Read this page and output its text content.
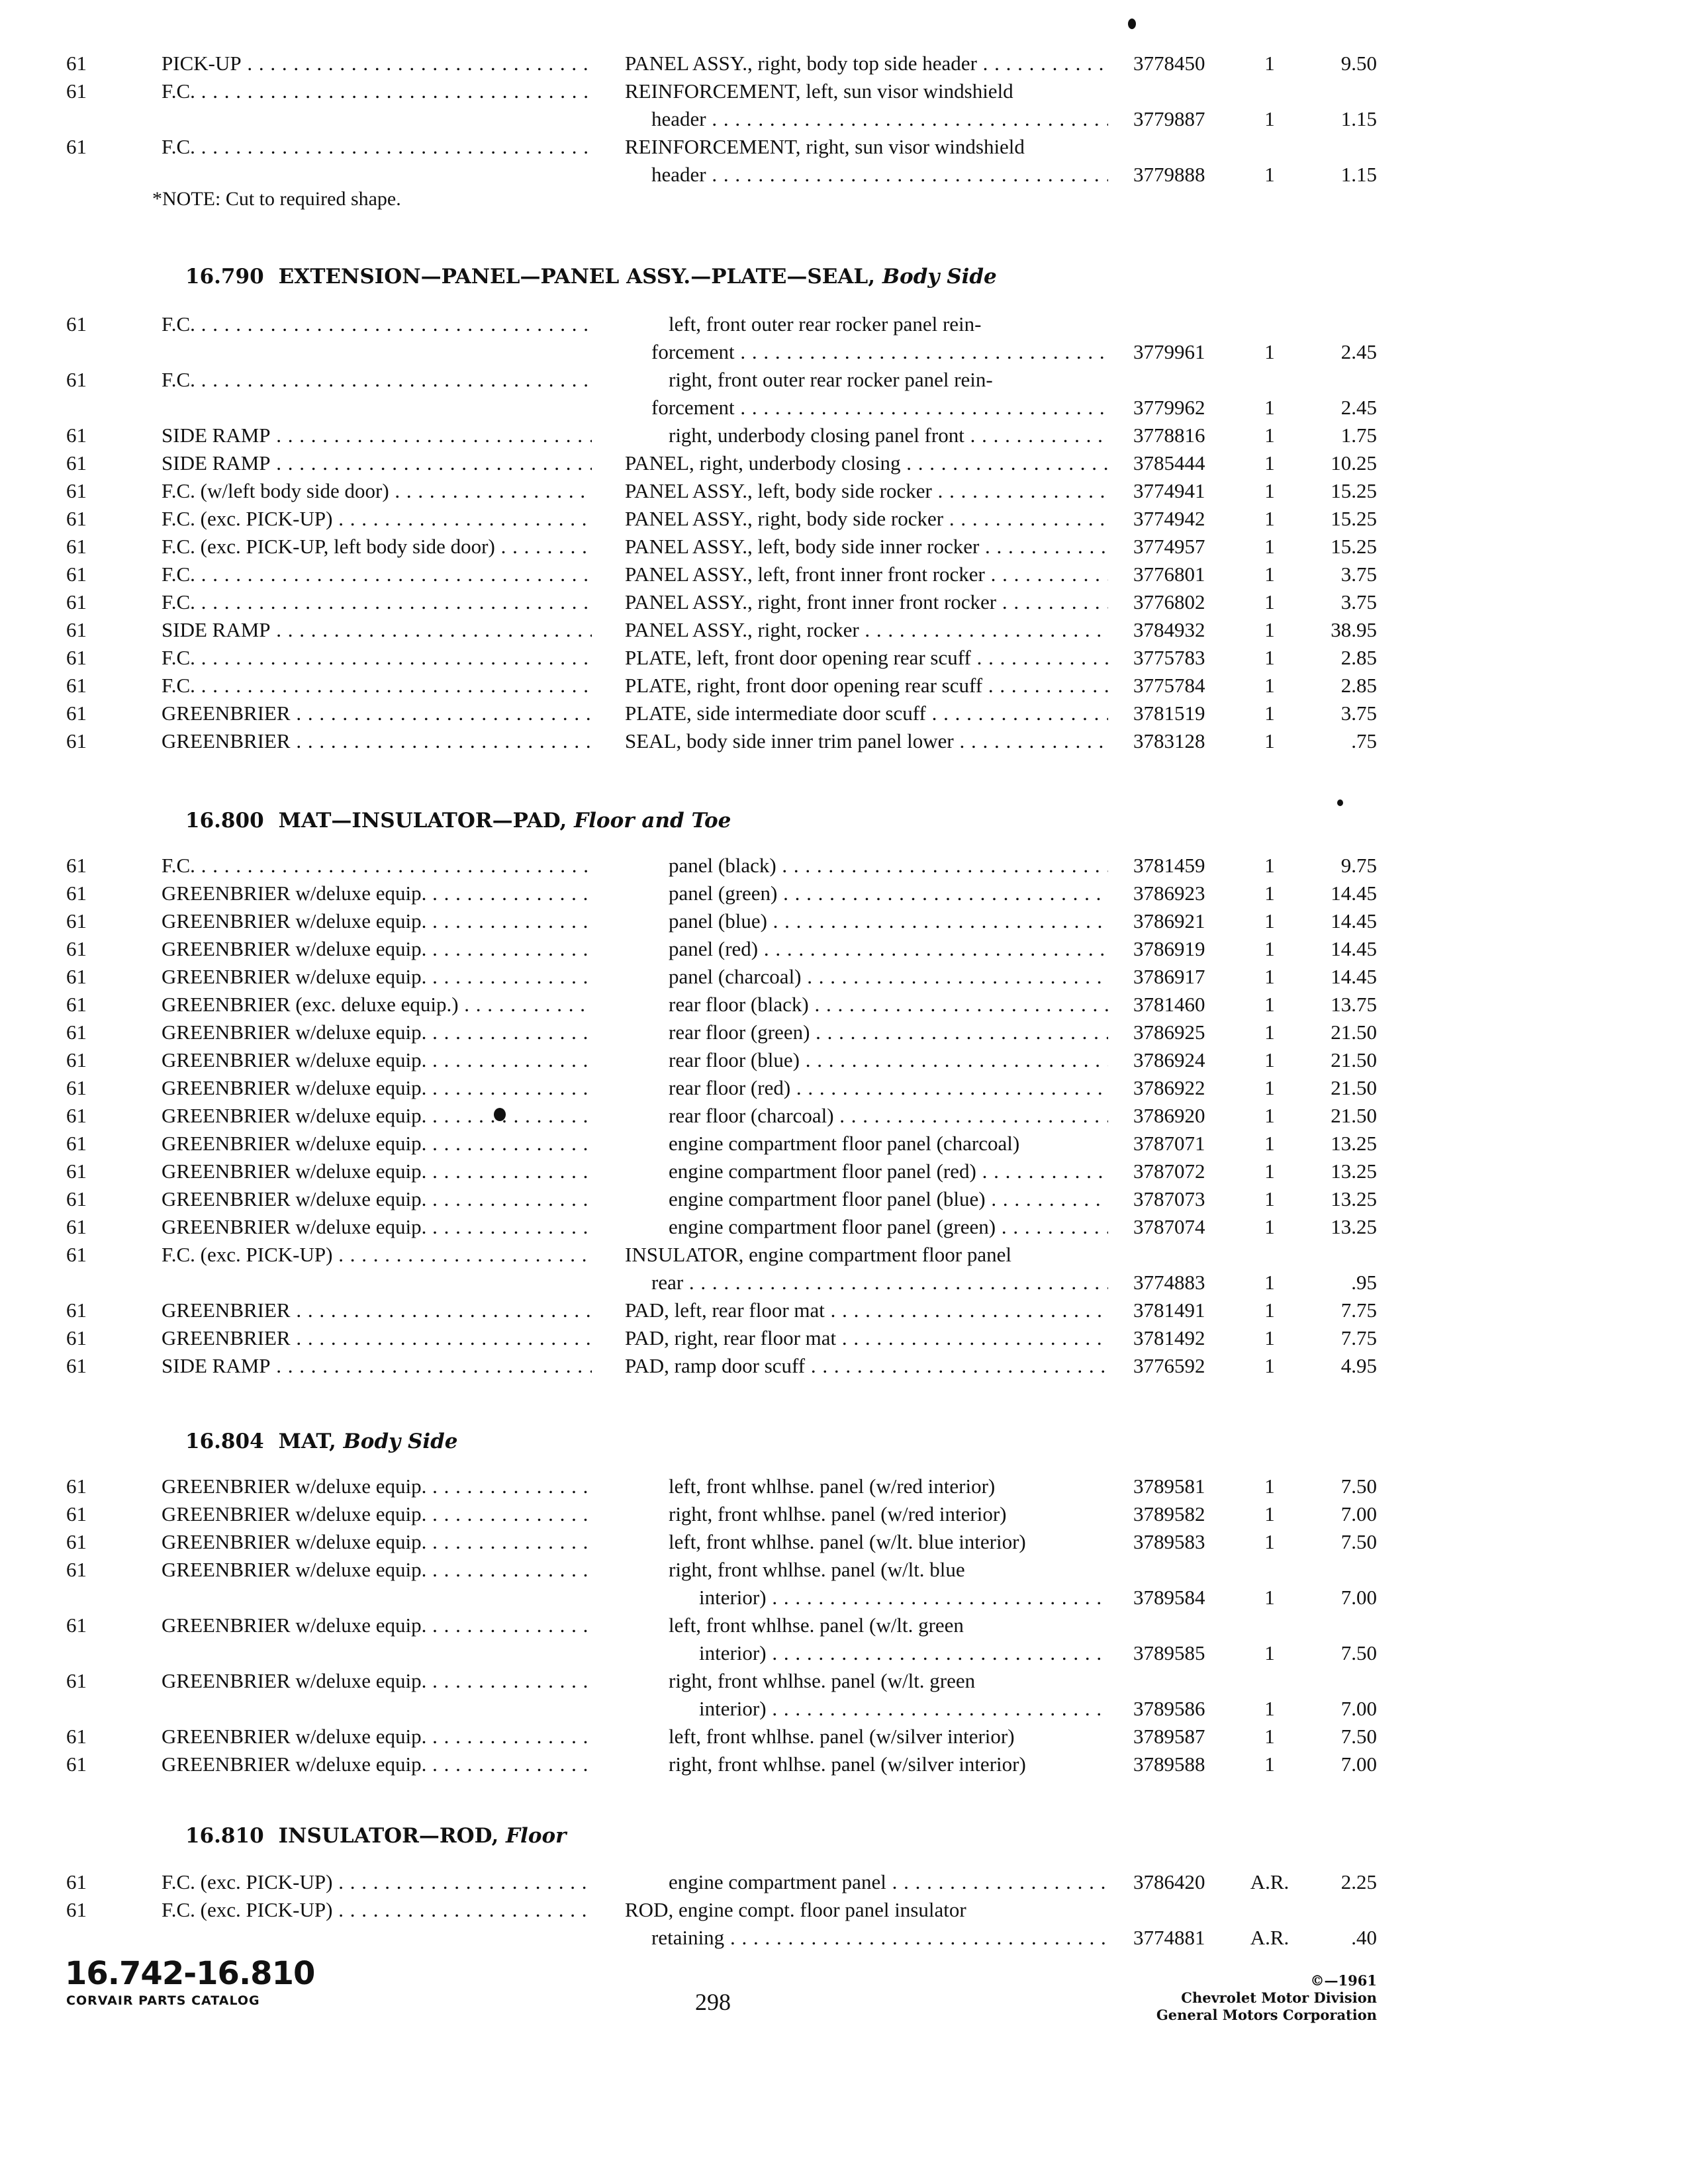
61	PICK-UP . . .	PANEL ASSY., right, body top side header . . .	3778450	1	9.50
61	F.C. . . .	REINFORCEMENT, left, sun visor windshield
header . . .	3779887	1	1.15
61	F.C. . . .	REINFORCEMENT, right, sun visor windshield
header . . .	3779888	1	1.15
*NOTE: Cut to required shape.
16.790 EXTENSION—PANEL—PANEL ASSY.—PLATE—SEAL, Body Side
61	F.C. . . .	left, front outer rear rocker panel rein-
forcement . . .	3779961	1	2.45
61	F.C. . . .	right, front outer rear rocker panel rein-
forcement . . .	3779962	1	2.45
61	SIDE RAMP . . .	right, underbody closing panel front . . .	3778816	1	1.75
61	SIDE RAMP . . .	PANEL, right, underbody closing . . .	3785444	1	10.25
61	F.C. (w/left body side door) . . .	PANEL ASSY., left, body side rocker . . .	3774941	1	15.25
61	F.C. (exc. PICK-UP) . . .	PANEL ASSY., right, body side rocker . . .	3774942	1	15.25
61	F.C. (exc. PICK-UP, left body side door) . . .	PANEL ASSY., left, body side inner rocker . . .	3774957	1	15.25
61	F.C. . . .	PANEL ASSY., left, front inner front rocker . . .	3776801	1	3.75
61	F.C. . . .	PANEL ASSY., right, front inner front rocker . . .	3776802	1	3.75
61	SIDE RAMP . . .	PANEL ASSY., right, rocker . . .	3784932	1	38.95
61	F.C. . . .	PLATE, left, front door opening rear scuff . . .	3775783	1	2.85
61	F.C. . . .	PLATE, right, front door opening rear scuff . . .	3775784	1	2.85
61	GREENBRIER . . .	PLATE, side intermediate door scuff . . .	3781519	1	3.75
61	GREENBRIER . . .	SEAL, body side inner trim panel lower . . .	3783128	1	.75
16.800 MAT—INSULATOR—PAD, Floor and Toe
61	F.C. . . .	panel (black) . . .	3781459	1	9.75
61	GREENBRIER w/deluxe equip. . . .	panel (green) . . .	3786923	1	14.45
61	GREENBRIER w/deluxe equip. . . .	panel (blue) . . .	3786921	1	14.45
61	GREENBRIER w/deluxe equip. . . .	panel (red) . . .	3786919	1	14.45
61	GREENBRIER w/deluxe equip. . . .	panel (charcoal) . . .	3786917	1	14.45
61	GREENBRIER (exc. deluxe equip.) . . .	rear floor (black) . . .	3781460	1	13.75
61	GREENBRIER w/deluxe equip. . . .	rear floor (green) . . .	3786925	1	21.50
61	GREENBRIER w/deluxe equip. . . .	rear floor (blue) . . .	3786924	1	21.50
61	GREENBRIER w/deluxe equip. . . .	rear floor (red) . . .	3786922	1	21.50
61	GREENBRIER w/deluxe equip. . . .	rear floor (charcoal) . . .	3786920	1	21.50
61	GREENBRIER w/deluxe equip. . . .	engine compartment floor panel (charcoal)	3787071	1	13.25
61	GREENBRIER w/deluxe equip. . . .	engine compartment floor panel (red) . . .	3787072	1	13.25
61	GREENBRIER w/deluxe equip. . . .	engine compartment floor panel (blue) . . .	3787073	1	13.25
61	GREENBRIER w/deluxe equip. . . .	engine compartment floor panel (green) . . .	3787074	1	13.25
61	F.C. (exc. PICK-UP) . . .	INSULATOR, engine compartment floor panel
rear . . .	3774883	1	.95
61	GREENBRIER . . .	PAD, left, rear floor mat . . .	3781491	1	7.75
61	GREENBRIER . . .	PAD, right, rear floor mat . . .	3781492	1	7.75
61	SIDE RAMP . . .	PAD, ramp door scuff . . .	3776592	1	4.95
16.804 MAT, Body Side
61	GREENBRIER w/deluxe equip. . . .	left, front whlhse. panel (w/red interior)	3789581	1	7.50
61	GREENBRIER w/deluxe equip. . . .	right, front whlhse. panel (w/red interior)	3789582	1	7.00
61	GREENBRIER w/deluxe equip. . . .	left, front whlhse. panel (w/lt. blue interior)	3789583	1	7.50
61	GREENBRIER w/deluxe equip. . . .	right, front whlhse. panel (w/lt. blue
interior) . . .	3789584	1	7.00
61	GREENBRIER w/deluxe equip. . . .	left, front whlhse. panel (w/lt. green
interior) . . .	3789585	1	7.50
61	GREENBRIER w/deluxe equip. . . .	right, front whlhse. panel (w/lt. green
interior) . . .	3789586	1	7.00
61	GREENBRIER w/deluxe equip. . . .	left, front whlhse. panel (w/silver interior)	3789587	1	7.50
61	GREENBRIER w/deluxe equip. . . .	right, front whlhse. panel (w/silver interior)	3789588	1	7.00
16.810 INSULATOR—ROD, Floor
61	F.C. (exc. PICK-UP) . . .	engine compartment panel . . .	3786420	A.R.	2.25
61	F.C. (exc. PICK-UP) . . .	ROD, engine compt. floor panel insulator
retaining . . .	3774881	A.R.	.40
16.742-16.810
CORVAIR PARTS CATALOG	298
©—1961
Chevrolet Motor Division
General Motors Corporation
